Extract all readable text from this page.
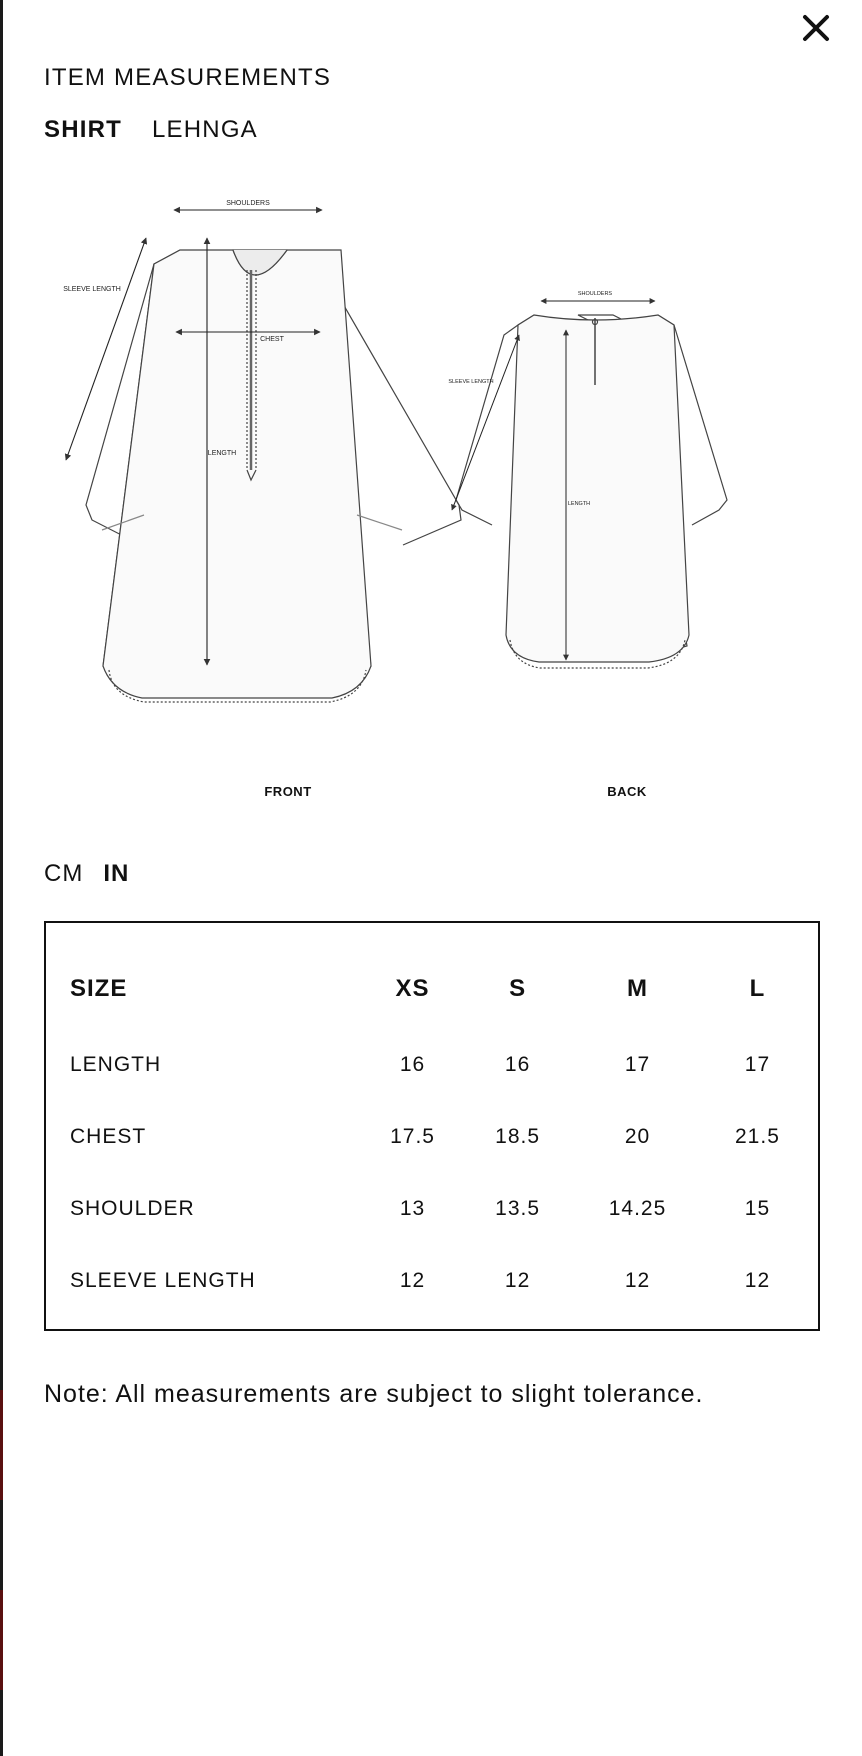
ITEM MEASUREMENTS
SHIRT LEHNGA
SHOULDERS
CHEST
LENGTH
SLEEVE LENGTH
FRONT
SHOULDERS
LENGTH
SLEEVE LENGTH
BACK
CM IN
SIZE	XS	S	M	L
LENGTH	16	16	17	17
CHEST	17.5	18.5	20	21.5
SHOULDER	13	13.5	14.25	15
SLEEVE LENGTH	12	12	12	12
Note: All measurements are subject to slight tolerance.
